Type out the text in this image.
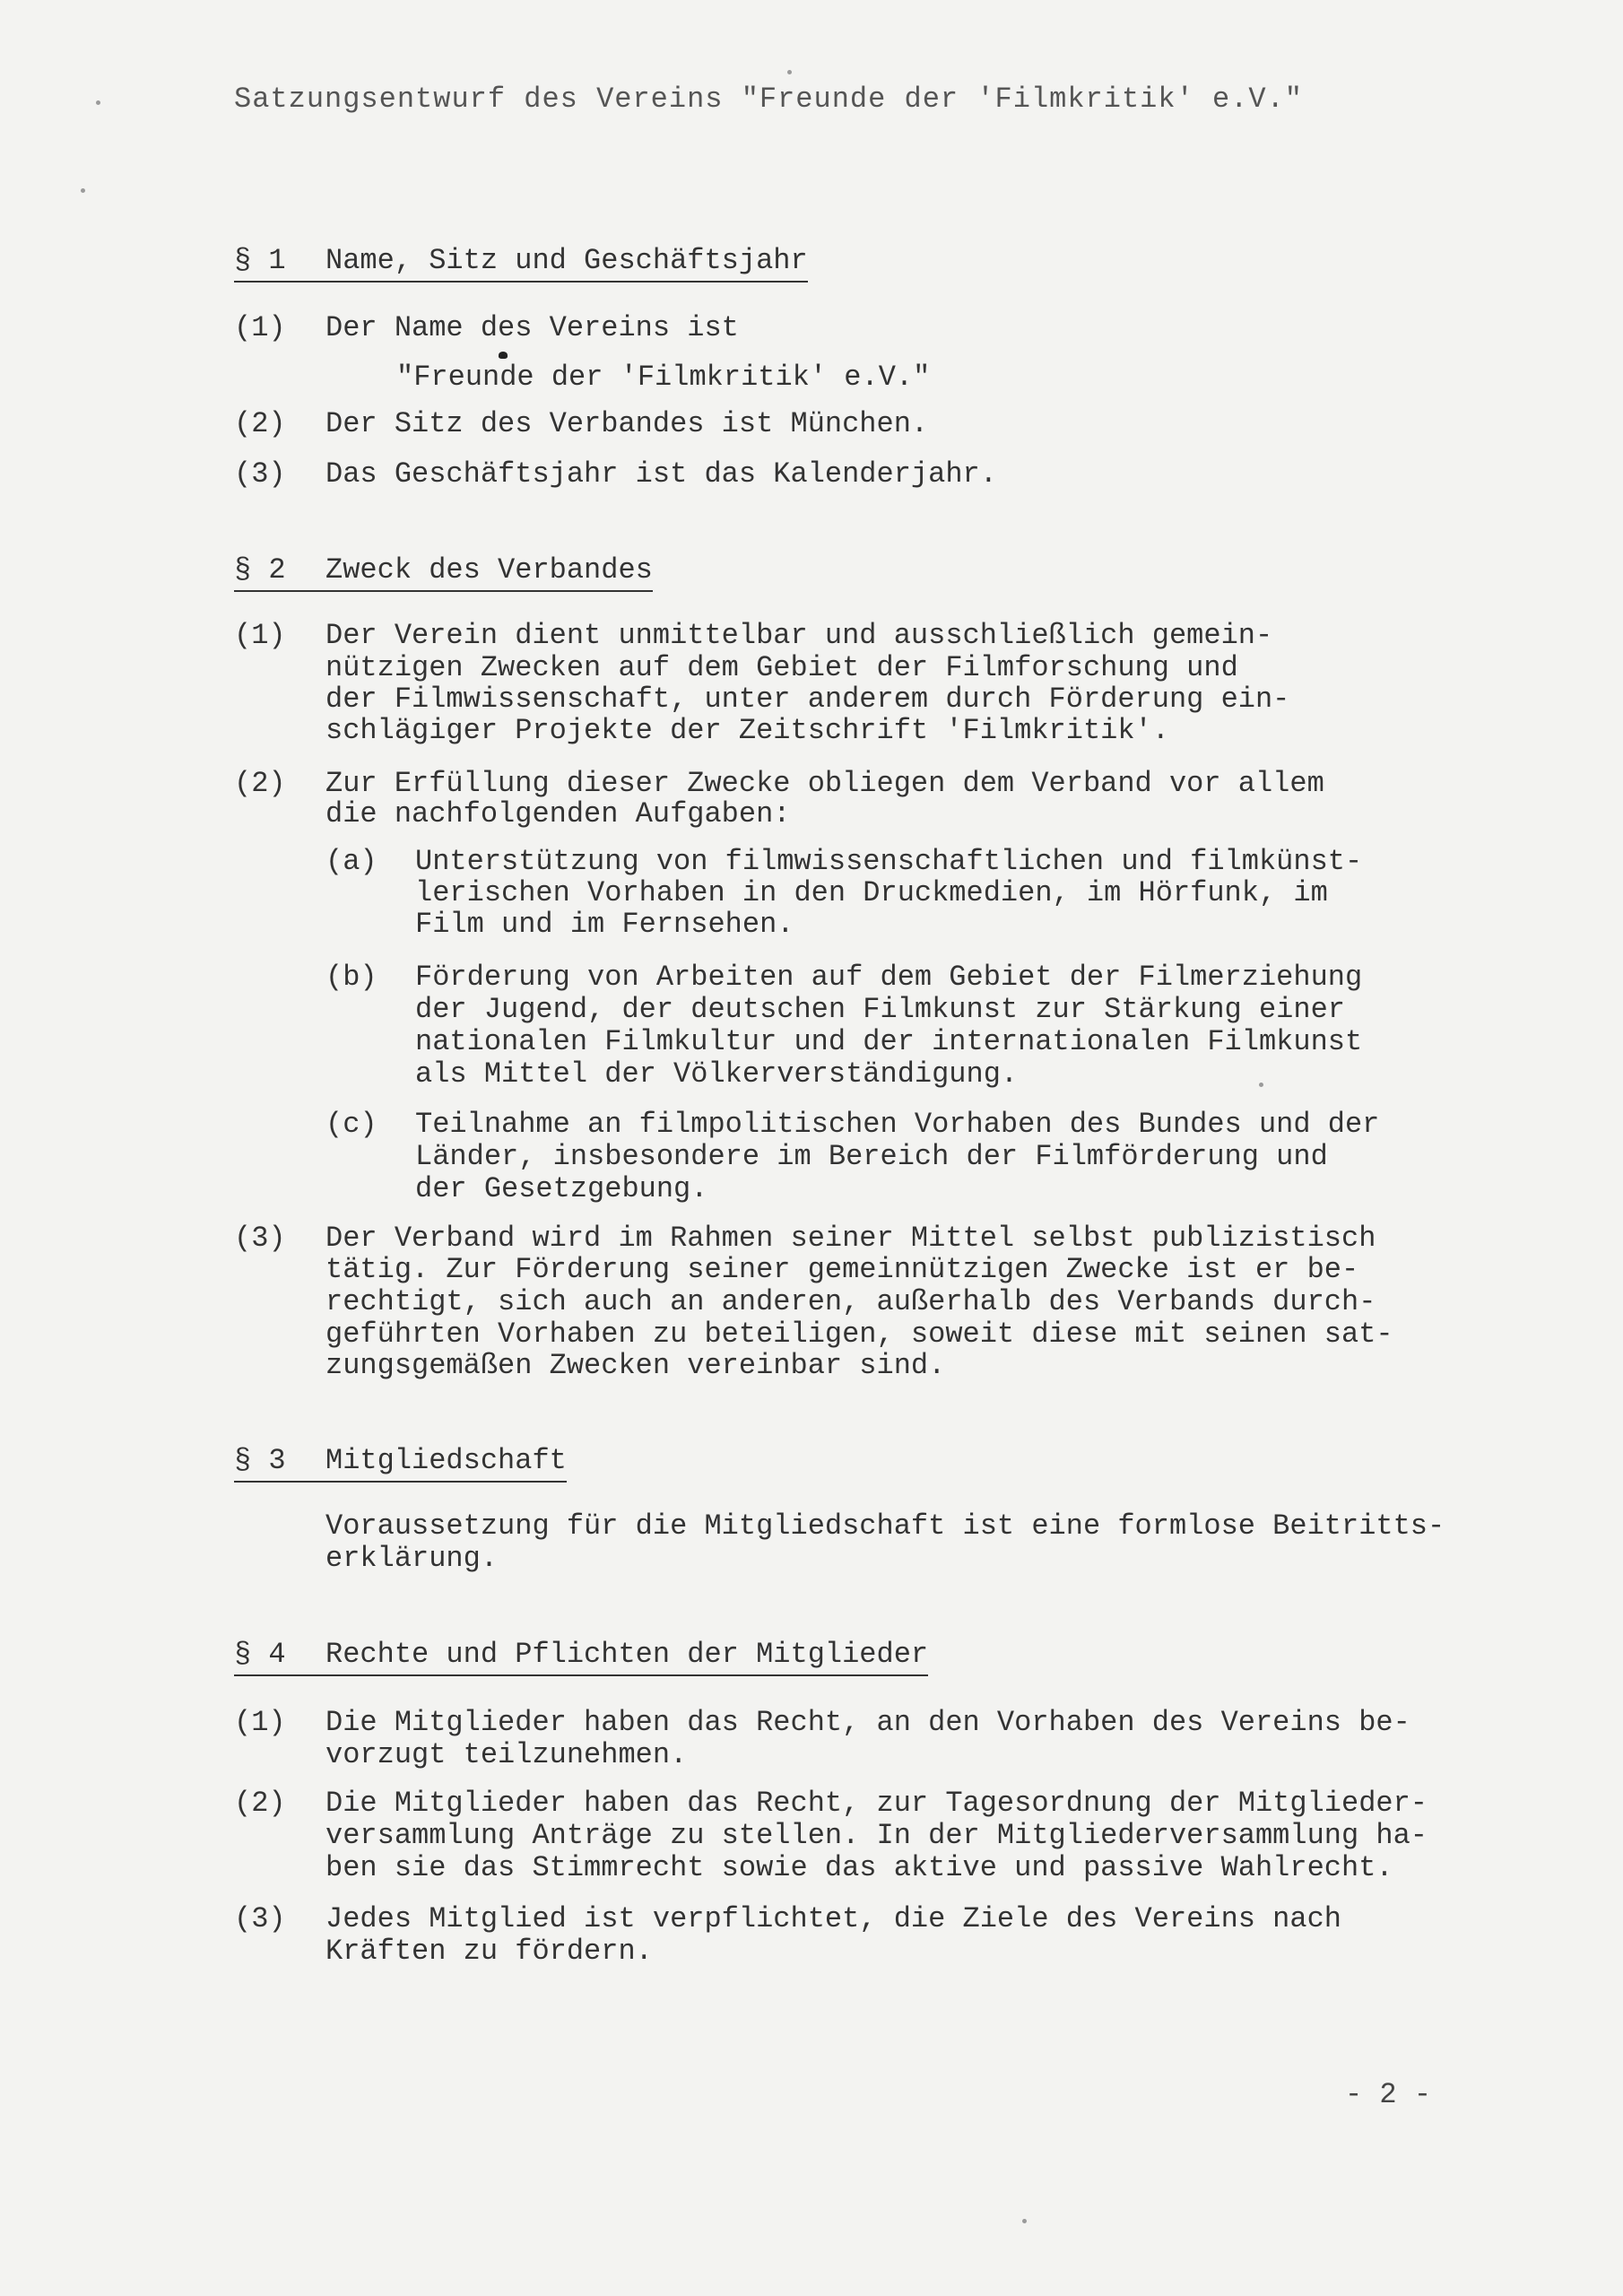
Satzungsentwurf des Vereins "Freunde der 'Filmkritik' e.V."
§ 1 Name, Sitz und Geschäftsjahr
(1) Der Name des Vereins ist
"Freunde der 'Filmkritik' e.V."
(2) Der Sitz des Verbandes ist München.
(3) Das Geschäftsjahr ist das Kalenderjahr.
§ 2 Zweck des Verbandes
(1) Der Verein dient unmittelbar und ausschließlich gemein-
nützigen Zwecken auf dem Gebiet der Filmforschung und
der Filmwissenschaft, unter anderem durch Förderung ein-
schlägiger Projekte der Zeitschrift 'Filmkritik'.
(2) Zur Erfüllung dieser Zwecke obliegen dem Verband vor allem
die nachfolgenden Aufgaben:
(a) Unterstützung von filmwissenschaftlichen und filmkünst-
lerischen Vorhaben in den Druckmedien, im Hörfunk, im
Film und im Fernsehen.
(b) Förderung von Arbeiten auf dem Gebiet der Filmerziehung
der Jugend, der deutschen Filmkunst zur Stärkung einer
nationalen Filmkultur und der internationalen Filmkunst
als Mittel der Völkerverständigung.
(c) Teilnahme an filmpolitischen Vorhaben des Bundes und der
Länder, insbesondere im Bereich der Filmförderung und
der Gesetzgebung.
(3) Der Verband wird im Rahmen seiner Mittel selbst publizistisch
tätig. Zur Förderung seiner gemeinnützigen Zwecke ist er be-
rechtigt, sich auch an anderen, außerhalb des Verbands durch-
geführten Vorhaben zu beteiligen, soweit diese mit seinen sat-
zungsgemäßen Zwecken vereinbar sind.
§ 3 Mitgliedschaft
Voraussetzung für die Mitgliedschaft ist eine formlose Beitritts-
erklärung.
§ 4 Rechte und Pflichten der Mitglieder
(1) Die Mitglieder haben das Recht, an den Vorhaben des Vereins be-
vorzugt teilzunehmen.
(2) Die Mitglieder haben das Recht, zur Tagesordnung der Mitglieder-
versammlung Anträge zu stellen. In der Mitgliederversammlung ha-
ben sie das Stimmrecht sowie das aktive und passive Wahlrecht.
(3) Jedes Mitglied ist verpflichtet, die Ziele des Vereins nach
Kräften zu fördern.
- 2 -
